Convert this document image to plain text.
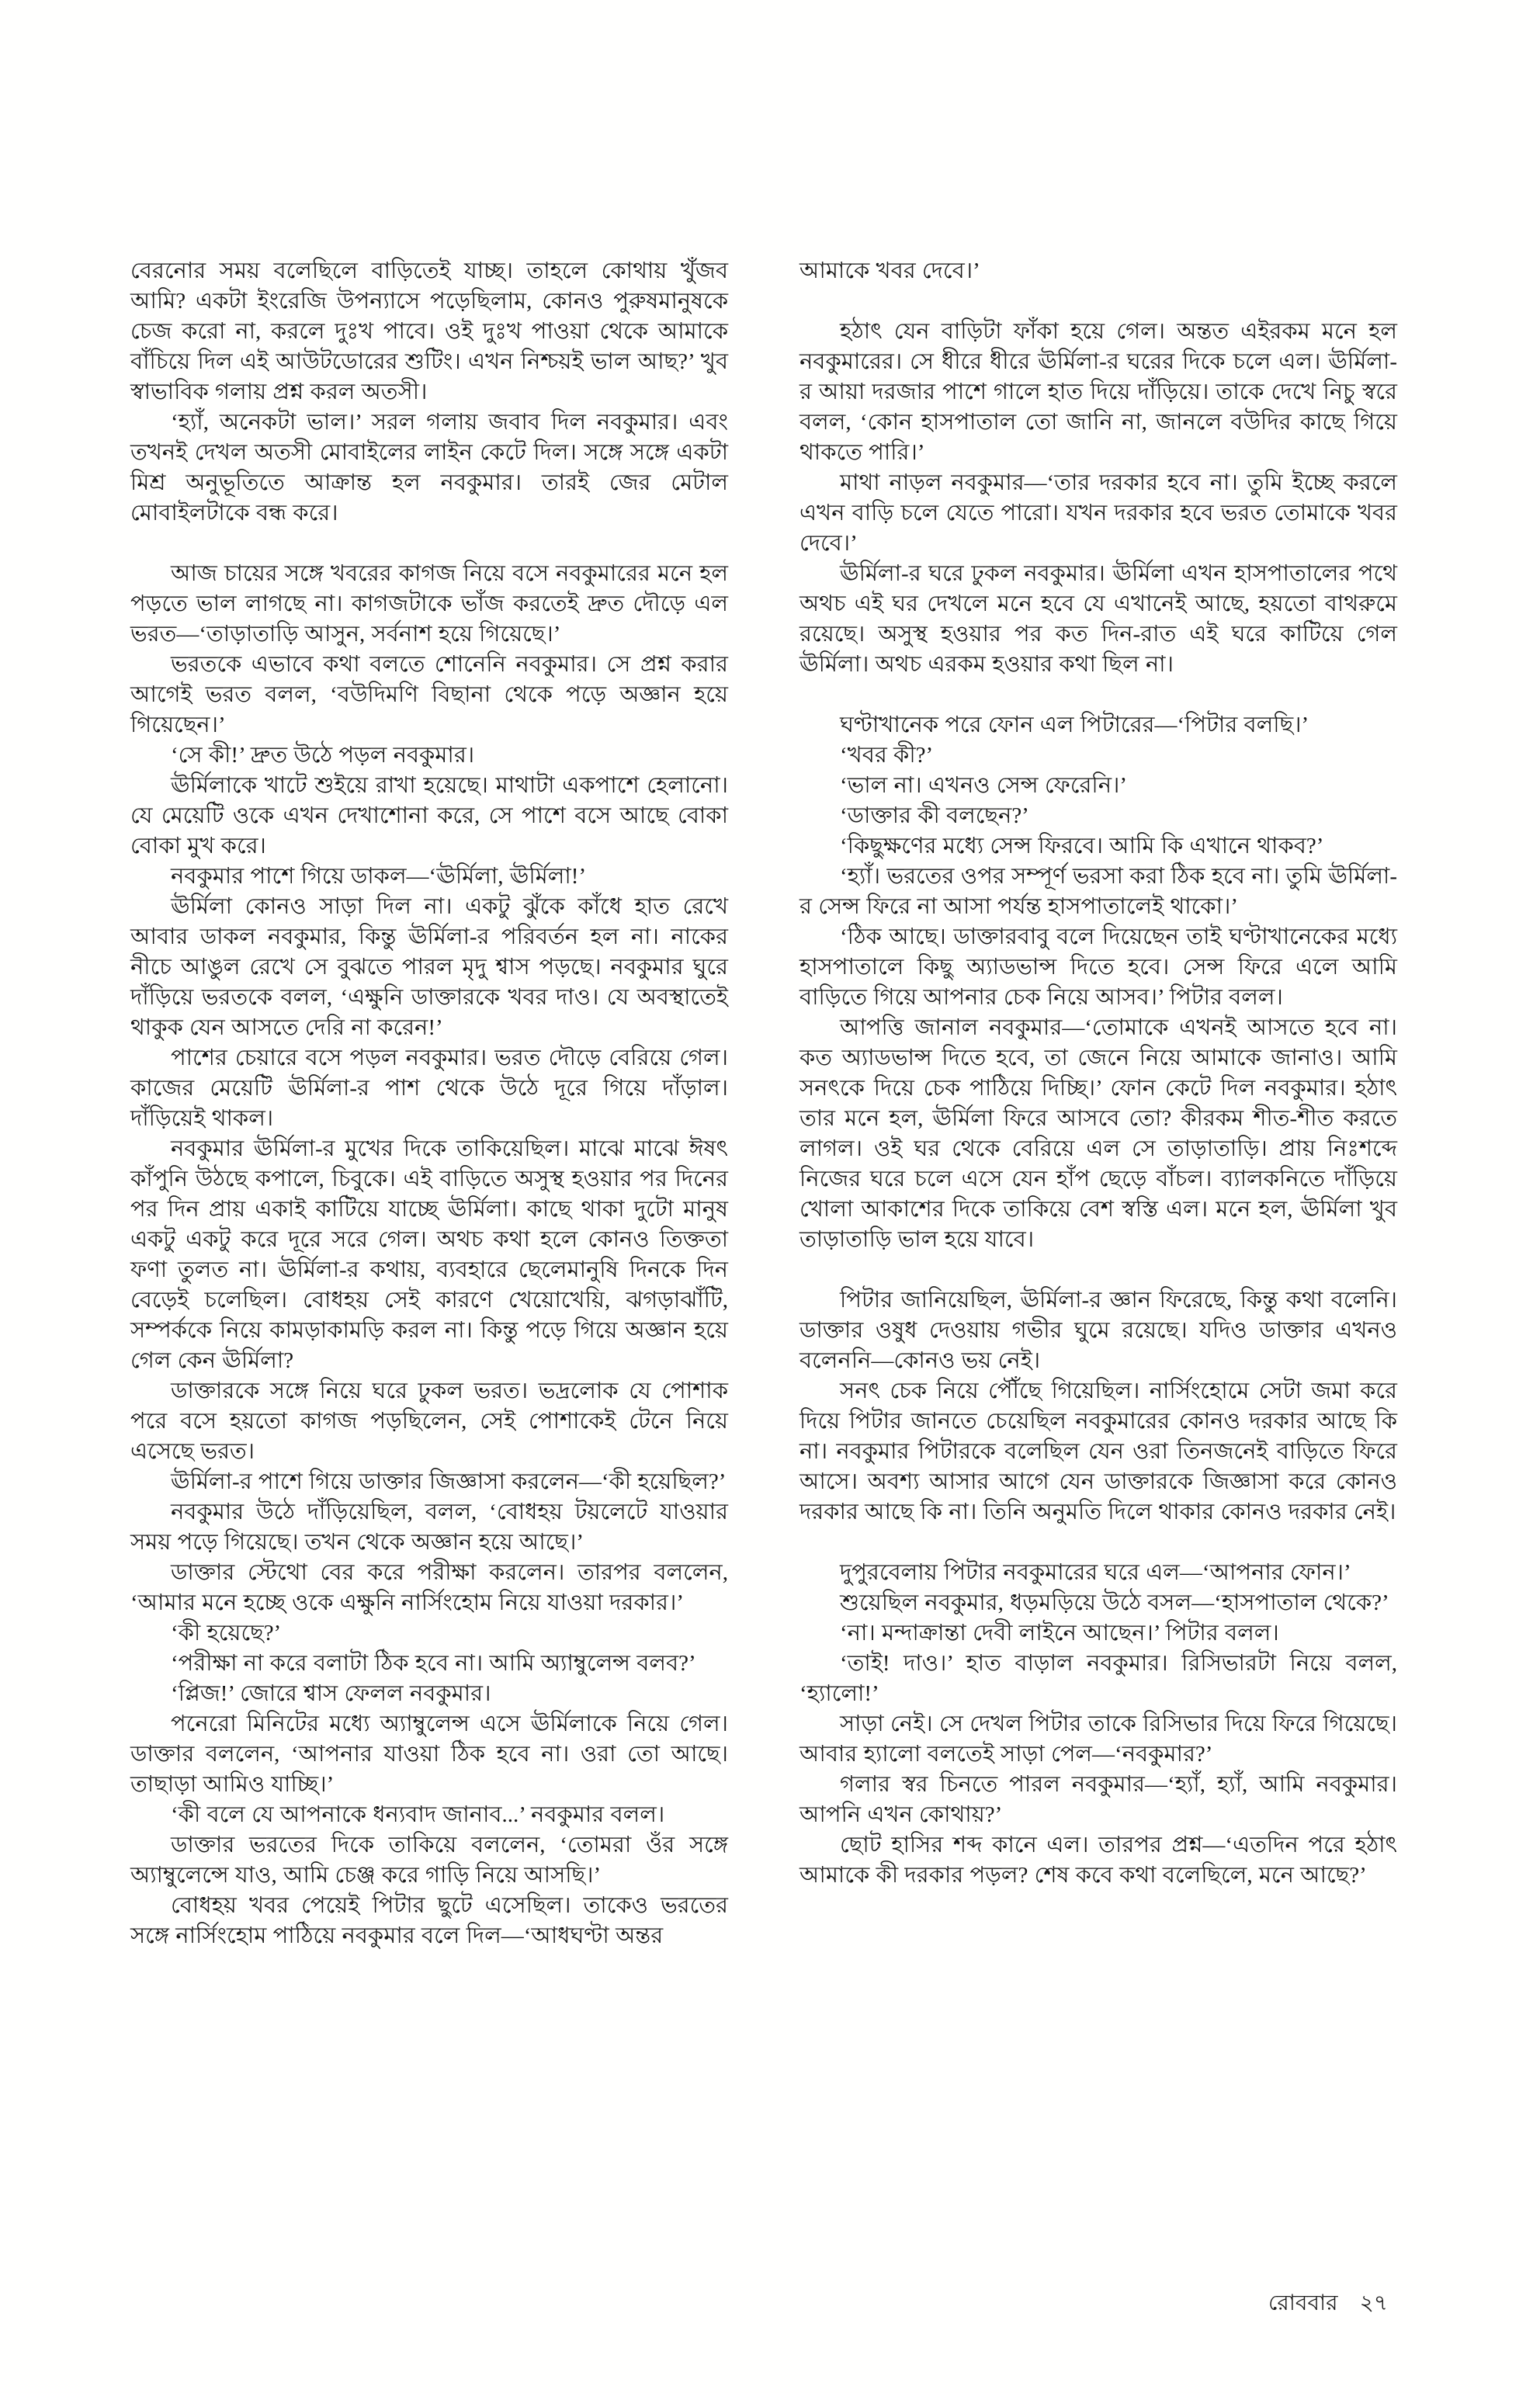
বেরনোর সময় বলেছিলে বাড়িতেই যাচ্ছ। তাহলে কোথায় খুঁজব আমি? একটা ইংরেজি উপন্যাসে পড়েছিলাম, কোনও পুরুষমানুষকে চেজ করো না, করলে দুঃখ পাবে। ওই দুঃখ পাওয়া থেকে আমাকে বাঁচিয়ে দিল এই আউটডোরের শুটিং। এখন নিশ্চয়ই ভাল আছ?’ খুব স্বাভাবিক গলায় প্রশ্ন করল অতসী।

‘হ্যাঁ, অনেকটা ভাল।’ সরল গলায় জবাব দিল নবকুমার। এবং তখনই দেখল অতসী মোবাইলের লাইন কেটে দিল। সঙ্গে সঙ্গে একটা মিশ্র অনুভূতিতে আক্রান্ত হল নবকুমার। তারই জের মেটাল মোবাইলটাকে বন্ধ করে।

আজ চায়ের সঙ্গে খবরের কাগজ নিয়ে বসে নবকুমারের মনে হল পড়তে ভাল লাগছে না। কাগজটাকে ভাঁজ করতেই দ্রুত দৌড়ে এল ভরত—‘তাড়াতাড়ি আসুন, সর্বনাশ হয়ে গিয়েছে।’

ভরতকে এভাবে কথা বলতে শোনেনি নবকুমার। সে প্রশ্ন করার আগেই ভরত বলল, ‘বউদিমণি বিছানা থেকে পড়ে অজ্ঞান হয়ে গিয়েছেন।’

‘সে কী!’ দ্রুত উঠে পড়ল নবকুমার।

ঊর্মিলাকে খাটে শুইয়ে রাখা হয়েছে। মাথাটা একপাশে হেলানো। যে মেয়েটি ওকে এখন দেখাশোনা করে, সে পাশে বসে আছে বোকা বোকা মুখ করে।

নবকুমার পাশে গিয়ে ডাকল—‘ঊর্মিলা, ঊর্মিলা!’

ঊর্মিলা কোনও সাড়া দিল না। একটু ঝুঁকে কাঁধে হাত রেখে আবার ডাকল নবকুমার, কিন্তু ঊর্মিলা-র পরিবর্তন হল না। নাকের নীচে আঙুল রেখে সে বুঝতে পারল মৃদু শ্বাস পড়ছে। নবকুমার ঘুরে দাঁড়িয়ে ভরতকে বলল, ‘এক্ষুনি ডাক্তারকে খবর দাও। যে অবস্থাতেই থাকুক যেন আসতে দেরি না করেন!’

পাশের চেয়ারে বসে পড়ল নবকুমার। ভরত দৌড়ে বেরিয়ে গেল। কাজের মেয়েটি ঊর্মিলা-র পাশ থেকে উঠে দূরে গিয়ে দাঁড়াল। দাঁড়িয়েই থাকল।

নবকুমার ঊর্মিলা-র মুখের দিকে তাকিয়েছিল। মাঝে মাঝে ঈষৎ কাঁপুনি উঠছে কপালে, চিবুকে। এই বাড়িতে অসুস্থ হওয়ার পর দিনের পর দিন প্রায় একাই কাটিয়ে যাচ্ছে ঊর্মিলা। কাছে থাকা দুটো মানুষ একটু একটু করে দূরে সরে গেল। অথচ কথা হলে কোনও তিক্ততা ফণা তুলত না। ঊর্মিলা-র কথায়, ব্যবহারে ছেলেমানুষি দিনকে দিন বেড়েই চলেছিল। বোধহয় সেই কারণে খেয়োখেয়ি, ঝগড়াঝাঁটি, সম্পর্ককে নিয়ে কামড়াকামড়ি করল না। কিন্তু পড়ে গিয়ে অজ্ঞান হয়ে গেল কেন ঊর্মিলা?

ডাক্তারকে সঙ্গে নিয়ে ঘরে ঢুকল ভরত। ভদ্রলোক যে পোশাক পরে বসে হয়তো কাগজ পড়ছিলেন, সেই পোশাকেই টেনে নিয়ে এসেছে ভরত।

ঊর্মিলা-র পাশে গিয়ে ডাক্তার জিজ্ঞাসা করলেন—‘কী হয়েছিল?’

নবকুমার উঠে দাঁড়িয়েছিল, বলল, ‘বোধহয় টয়লেটে যাওয়ার সময় পড়ে গিয়েছে। তখন থেকে অজ্ঞান হয়ে আছে।’

ডাক্তার স্টেথো বের করে পরীক্ষা করলেন। তারপর বললেন, ‘আমার মনে হচ্ছে ওকে এক্ষুনি নার্সিংহোম নিয়ে যাওয়া দরকার।’

‘কী হয়েছে?’

‘পরীক্ষা না করে বলাটা ঠিক হবে না। আমি অ্যাম্বুলেন্স বলব?’

‘প্লিজ!’ জোরে শ্বাস ফেলল নবকুমার।

পনেরো মিনিটের মধ্যে অ্যাম্বুলেন্স এসে ঊর্মিলাকে নিয়ে গেল। ডাক্তার বললেন, ‘আপনার যাওয়া ঠিক হবে না। ওরা তো আছে। তাছাড়া আমিও যাচ্ছি।’

‘কী বলে যে আপনাকে ধন্যবাদ জানাব...’ নবকুমার বলল।

ডাক্তার ভরতের দিকে তাকিয়ে বললেন, ‘তোমরা ওঁর সঙ্গে অ্যাম্বুলেন্সে যাও, আমি চেঞ্জ করে গাড়ি নিয়ে আসছি।’

বোধহয় খবর পেয়েই পিটার ছুটে এসেছিল। তাকেও ভরতের সঙ্গে নার্সিংহোম পাঠিয়ে নবকুমার বলে দিল—‘আধঘণ্টা অন্তর

আমাকে খবর দেবে।’

হঠাৎ যেন বাড়িটা ফাঁকা হয়ে গেল। অন্তত এইরকম মনে হল নবকুমারের। সে ধীরে ধীরে ঊর্মিলা-র ঘরের দিকে চলে এল। ঊর্মিলা-র আয়া দরজার পাশে গালে হাত দিয়ে দাঁড়িয়ে। তাকে দেখে নিচু স্বরে বলল, ‘কোন হাসপাতাল তো জানি না, জানলে বউদির কাছে গিয়ে থাকতে পারি।’

মাথা নাড়ল নবকুমার—‘তার দরকার হবে না। তুমি ইচ্ছে করলে এখন বাড়ি চলে যেতে পারো। যখন দরকার হবে ভরত তোমাকে খবর দেবে।’

ঊর্মিলা-র ঘরে ঢুকল নবকুমার। ঊর্মিলা এখন হাসপাতালের পথে অথচ এই ঘর দেখলে মনে হবে যে এখানেই আছে, হয়তো বাথরুমে রয়েছে। অসুস্থ হওয়ার পর কত দিন-রাত এই ঘরে কাটিয়ে গেল ঊর্মিলা। অথচ এরকম হওয়ার কথা ছিল না।

ঘণ্টাখানেক পরে ফোন এল পিটারের—‘পিটার বলছি।’

‘খবর কী?’

‘ভাল না। এখনও সেন্স ফেরেনি।’

‘ডাক্তার কী বলছেন?’

‘কিছুক্ষণের মধ্যে সেন্স ফিরবে। আমি কি এখানে থাকব?’

‘হ্যাঁ। ভরতের ওপর সম্পূর্ণ ভরসা করা ঠিক হবে না। তুমি ঊর্মিলা-র সেন্স ফিরে না আসা পর্যন্ত হাসপাতালেই থাকো।’

‘ঠিক আছে। ডাক্তারবাবু বলে দিয়েছেন তাই ঘণ্টাখানেকের মধ্যে হাসপাতালে কিছু অ্যাডভান্স দিতে হবে। সেন্স ফিরে এলে আমি বাড়িতে গিয়ে আপনার চেক নিয়ে আসব।’ পিটার বলল।

আপত্তি জানাল নবকুমার—‘তোমাকে এখনই আসতে হবে না। কত অ্যাডভান্স দিতে হবে, তা জেনে নিয়ে আমাকে জানাও। আমি সনৎকে দিয়ে চেক পাঠিয়ে দিচ্ছি।’ ফোন কেটে দিল নবকুমার। হঠাৎ তার মনে হল, ঊর্মিলা ফিরে আসবে তো? কীরকম শীত-শীত করতে লাগল। ওই ঘর থেকে বেরিয়ে এল সে তাড়াতাড়ি। প্রায় নিঃশব্দে নিজের ঘরে চলে এসে যেন হাঁপ ছেড়ে বাঁচল। ব্যালকনিতে দাঁড়িয়ে খোলা আকাশের দিকে তাকিয়ে বেশ স্বস্তি এল। মনে হল, ঊর্মিলা খুব তাড়াতাড়ি ভাল হয়ে যাবে।

পিটার জানিয়েছিল, ঊর্মিলা-র জ্ঞান ফিরেছে, কিন্তু কথা বলেনি। ডাক্তার ওষুধ দেওয়ায় গভীর ঘুমে রয়েছে। যদিও ডাক্তার এখনও বলেননি—কোনও ভয় নেই।

সনৎ চেক নিয়ে পৌঁছে গিয়েছিল। নার্সিংহোমে সেটা জমা করে দিয়ে পিটার জানতে চেয়েছিল নবকুমারের কোনও দরকার আছে কি না। নবকুমার পিটারকে বলেছিল যেন ওরা তিনজনেই বাড়িতে ফিরে আসে। অবশ্য আসার আগে যেন ডাক্তারকে জিজ্ঞাসা করে কোনও দরকার আছে কি না। তিনি অনুমতি দিলে থাকার কোনও দরকার নেই।

দুপুরবেলায় পিটার নবকুমারের ঘরে এল—‘আপনার ফোন।’

শুয়েছিল নবকুমার, ধড়মড়িয়ে উঠে বসল—‘হাসপাতাল থেকে?’

‘না। মন্দাক্রান্তা দেবী লাইনে আছেন।’ পিটার বলল।

‘তাই! দাও।’ হাত বাড়াল নবকুমার। রিসিভারটা নিয়ে বলল, ‘হ্যালো!’

সাড়া নেই। সে দেখল পিটার তাকে রিসিভার দিয়ে ফিরে গিয়েছে। আবার হ্যালো বলতেই সাড়া পেল—‘নবকুমার?’

গলার স্বর চিনতে পারল নবকুমার—‘হ্যাঁ, হ্যাঁ, আমি নবকুমার। আপনি এখন কোথায়?’

ছোট হাসির শব্দ কানে এল। তারপর প্রশ্ন—‘এতদিন পরে হঠাৎ আমাকে কী দরকার পড়ল? শেষ কবে কথা বলেছিলে, মনে আছে?’

রোববার ২৭
